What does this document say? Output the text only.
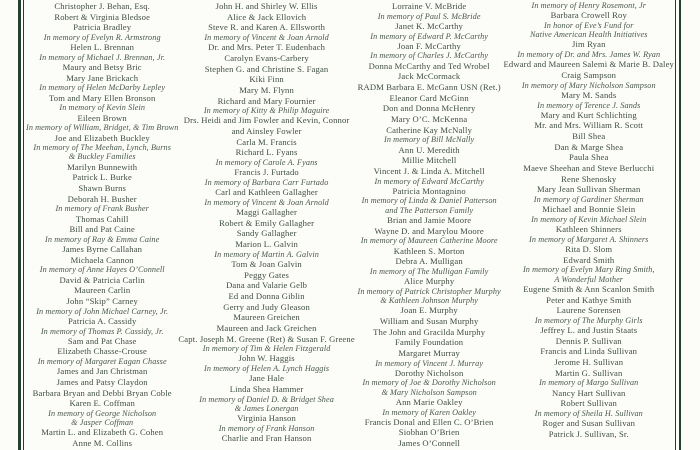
Christopher J. Behan, Esq.
Robert & Virginia Bledsoe
Patricia Bradley
In memory of Evelyn R. Armstrong
Helen L. Brennan
In memory of Michael J. Brennan, Jr.
Maury and Betsy Bric
Mary Jane Brickach
In memory of Helen McDarby Lepley
Tom and Mary Ellen Bronson
In memory of Kevin Slein
Eileen Brown
In memory of William, Bridget, & Tim Brown
Joe and Elizabeth Buckley
In memory of The Meehan, Lynch, Burns
& Buckley Families
Marilyn Bunnewith
Patrick L. Burke
Shawn Burns
Deborah H. Busher
In memory of Frank Busher
Thomas Cahill
Bill and Pat Caine
In memory of Ray & Emma Caine
James Byrne Callahan
Michaela Cannon
In memory of Anne Hayes O’Connell
David & Patricia Carlin
Maureen Carlin
John “Skip” Carney
In memory of John Michael Carney, Jr.
Patricia A. Cassidy
In memory of Thomas P. Cassidy, Jr.
Sam and Pat Chase
Elizabeth Chasse-Crouse
In memory of Margaret Eagan Chasse
James and Jan Christman
James and Patsy Claydon
Barbara Bryan and Debbi Bryan Coble
Karen E. Coffman
In memory of George Nicholson
& Jasper Coffman
Martin L. and Elizabeth G. Cohen
Anne M. Collins
John H. and Shirley W. Ellis
Alice & Jack Ellovich
Steve R. and Karen A. Ellsworth
In memory of Vincent & Joan Arnold
Dr. and Mrs. Peter T. Eudenbach
Carolyn Evans-Carbery
Stephen G. and Christine S. Fagan
Kiki Finn
Mary M. Flynn
Richard and Mary Fournier
In memory of Kitty & Philip Maguire
Drs. Heidi and Jim Fowler and Kevin, Connor
and Ainsley Fowler
Carla M. Francis
Richard L. Fyans
In memory of Carole A. Fyans
Francis J. Furtado
In memory of Barbara Carr Furtado
Carl and Kathleen Gallagher
In memory of Vincent & Joan Arnold
Maggi Gallagher
Robert & Emily Gallagher
Sandy Gallagher
Marion L. Galvin
In memory of Martin A. Galvin
Tom & Joan Galvin
Peggy Gates
Dana and Valarie Gelb
Ed and Donna Giblin
Gerry and Judy Gleason
Maureen Greichen
Maureen and Jack Greichen
Capt. Joseph M. Greene (Ret) & Susan F. Greene
In memory of Tim & Helen Fitzgerald
John W. Haggis
In memory of Helen A. Lynch Haggis
Jane Hale
Linda Shea Hammer
In memory of Daniel D. & Bridget Shea
& James Lonergan
Virginia Hanson
In memory of Frank Hanson
Charlie and Fran Hanson
Lorraine V. McBride
In memory of Paul S. McBride
Janet K. McCarthy
In memory of Edward P. McCarthy
Joan F. McCarthy
In memory of Charles J. McCarthy
Donna McCarthy and Ted Wrobel
Jack McCormack
RADM Barbara E. McGann USN (Ret.)
Eleanor Card McGinn
Don and Donna McHenry
Mary O’C. McKenna
Catherine Kay McNally
In memory of Bill McNally
Ann U. Meredith
Millie Mitchell
Vincent J. & Linda A. Mitchell
In memory of Edward McCarthy
Patricia Montagnino
In memory of Linda & Daniel Patterson
and The Patterson Family
Brian and Jamie Moore
Wayne D. and Marylou Moore
In memory of Maureen Catherine Moore
Kathleen S. Morton
Debra A. Mulligan
In memory of The Mulligan Family
Alice Murphy
In memory of Patrick Christopher Murphy
& Kathleen Johnson Murphy
Joan E. Murphy
William and Susan Murphy
The John and Gracilda Murphy
Family Foundation
Margaret Murray
In memory of Vincent J. Murray
Dorothy Nicholson
In memory of Joe & Dorothy Nicholson
& Mary Nicholson Sampson
Ann Marie Oakley
In memory of Karen Oakley
Francis Donal and Ellen C. O’Brien
Siobhan O’Brien
James O’Connell
In memory of Henry Rosemont, Jr
Barbara Crowell Roy
In honor of Eve’s Fund for
Native American Health Initiatives
Jim Ryan
In memory of Dr. and Mrs. James W. Ryan
Edward and Maureen Salemi & Marie B. Daley
Craig Sampson
In memory of Mary Nicholson Sampson
Mary M. Sands
In memory of Terence J. Sands
Mary and Kurt Schlichting
Mr. and Mrs. William R. Scott
Bill Shea
Dan & Marge Shea
Paula Shea
Maeve Sheehan and Steve Berlucchi
Rene Shenosky
Mary Jean Sullivan Sherman
In memory of Gardiner Sherman
Michael and Bonnie Slein
In memory of Kevin Michael Slein
Kathleen Shinners
In memory of Margaret A. Shinners
Rita D. Slom
Edward Smith
In memory of Evelyn Mary Ring Smith,
A Wonderful Mother
Eugene Smith & Ann Scanlon Smith
Peter and Kathye Smith
Laurene Sorensen
In memory of The Murphy Girls
Jeffrey L. and Justin Staats
Dennis P. Sullivan
Francis and Linda Sullivan
Jerome H. Sullivan
Martin G. Sullivan
In memory of Margo Sullivan
Nancy Hart Sullivan
Robert Sullivan
In memory of Sheila H. Sullivan
Roger and Susan Sullivan
Patrick J. Sullivan, Sr.
